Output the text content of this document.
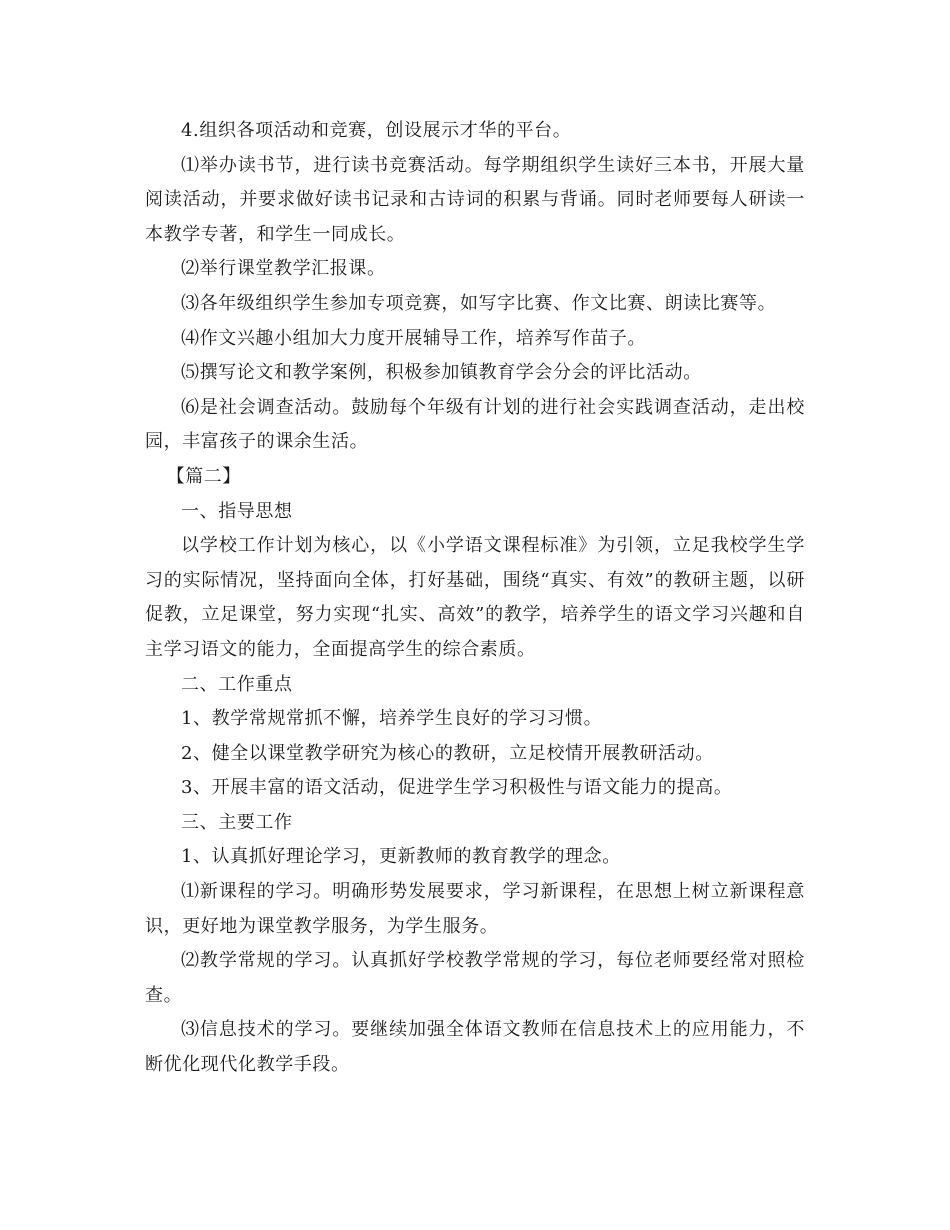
4.组织各项活动和竞赛，创设展示才华的平台。

⑴举办读书节，进行读书竞赛活动。每学期组织学生读好三本书，开展大量阅读活动，并要求做好读书记录和古诗词的积累与背诵。同时老师要每人研读一本教学专著，和学生一同成长。

⑵举行课堂教学汇报课。

⑶各年级组织学生参加专项竞赛，如写字比赛、作文比赛、朗读比赛等。

⑷作文兴趣小组加大力度开展辅导工作，培养写作苗子。

⑸撰写论文和教学案例，积极参加镇教育学会分会的评比活动。

⑹是社会调查活动。鼓励每个年级有计划的进行社会实践调查活动，走出校园，丰富孩子的课余生活。

【篇二】

一、指导思想

以学校工作计划为核心，以《小学语文课程标准》为引领，立足我校学生学习的实际情况，坚持面向全体，打好基础，围绕“真实、有效”的教研主题，以研促教，立足课堂，努力实现“扎实、高效”的教学，培养学生的语文学习兴趣和自主学习语文的能力，全面提高学生的综合素质。

二、工作重点

1、教学常规常抓不懈，培养学生良好的学习习惯。

2、健全以课堂教学研究为核心的教研，立足校情开展教研活动。

3、开展丰富的语文活动，促进学生学习积极性与语文能力的提高。

三、主要工作

1、认真抓好理论学习，更新教师的教育教学的理念。

⑴新课程的学习。明确形势发展要求，学习新课程，在思想上树立新课程意识，更好地为课堂教学服务，为学生服务。

⑵教学常规的学习。认真抓好学校教学常规的学习，每位老师要经常对照检查。

⑶信息技术的学习。要继续加强全体语文教师在信息技术上的应用能力，不断优化现代化教学手段。
